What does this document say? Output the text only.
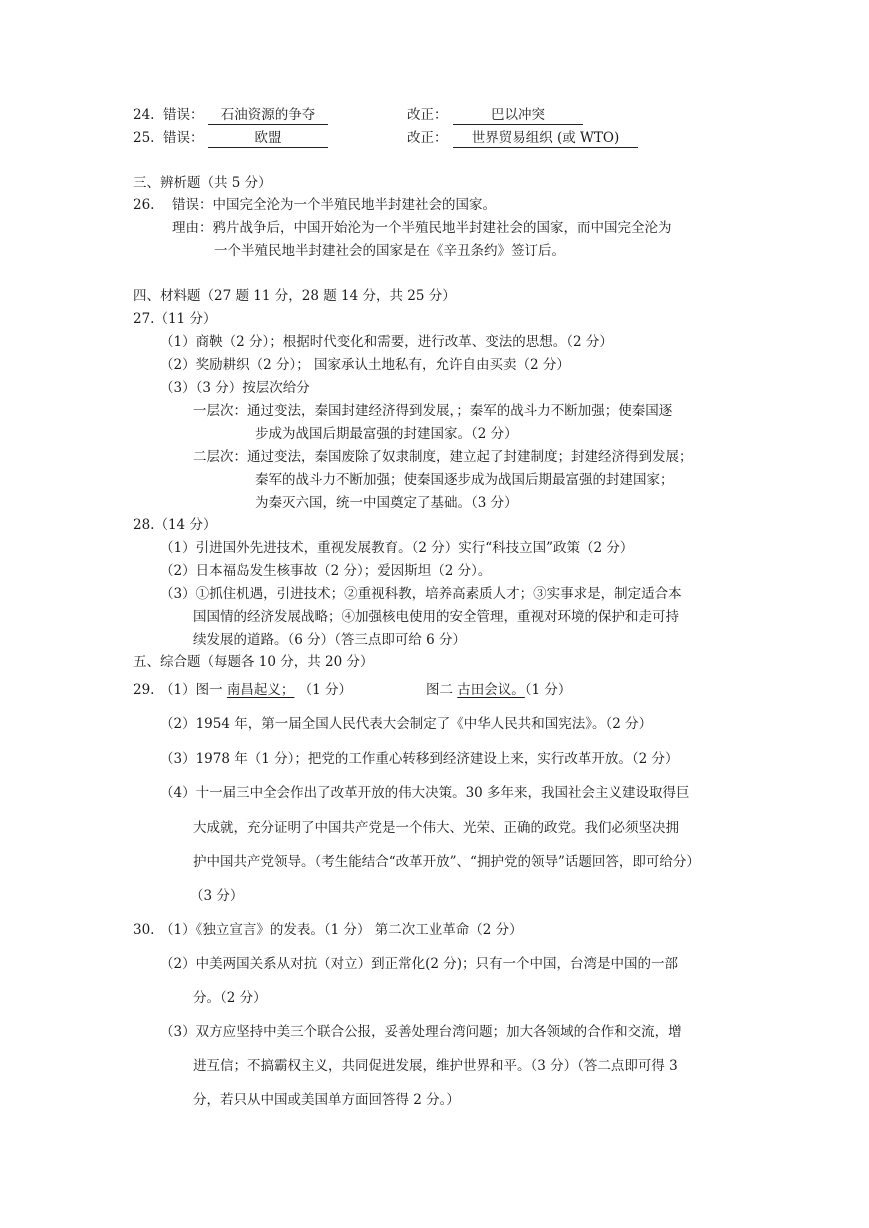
24. 错误：	石油资源的争夺	改正：	巴以冲突
25. 错误：	欧盟	改正：	世界贸易组织 (或 WTO)
三、辨析题（共 5 分）
26. 错误：中国完全沦为一个半殖民地半封建社会的国家。
理由：鸦片战争后，中国开始沦为一个半殖民地半封建社会的国家，而中国完全沦为
一个半殖民地半封建社会的国家是在《辛丑条约》签订后。
四、材料题（27 题 11 分，28 题 14 分，共 25 分）
27.（11 分）
（1）商鞅（2 分）；根据时代变化和需要，进行改革、变法的思想。（2 分）
（2）奖励耕织（2 分）； 国家承认土地私有，允许自由买卖（2 分）
（3）（3 分）按层次给分
一层次：通过变法，秦国封建经济得到发展，；秦军的战斗力不断加强；使秦国逐
步成为战国后期最富强的封建国家。（2 分）
二层次：通过变法，秦国废除了奴隶制度，建立起了封建制度；封建经济得到发展；
秦军的战斗力不断加强；使秦国逐步成为战国后期最富强的封建国家；
为秦灭六国，统一中国奠定了基础。（3 分）
28.（14 分）
（1）引进国外先进技术，重视发展教育。（2 分）实行“科技立国”政策（2 分）
（2）日本福岛发生核事故（2 分）；爱因斯坦（2 分）。
（3）①抓住机遇，引进技术；②重视科教，培养高素质人才；③实事求是，制定适合本
国国情的经济发展战略；④加强核电使用的安全管理，重视对环境的保护和走可持
续发展的道路。（6 分）（答三点即可给 6 分）
五、综合题（每题各 10 分，共 20 分）
29. （1）图一 南昌起义； （1 分）	图二 古田会议。（1 分）
（2）1954 年，第一届全国人民代表大会制定了《中华人民共和国宪法》。（2 分）
（3）1978 年（1 分）；把党的工作重心转移到经济建设上来，实行改革开放。（2 分）
（4）十一届三中全会作出了改革开放的伟大决策。30 多年来，我国社会主义建设取得巨
大成就，充分证明了中国共产党是一个伟大、光荣、正确的政党。我们必须坚决拥
护中国共产党领导。（考生能结合“改革开放”、“拥护党的领导”话题回答，即可给分）
（3 分）
30. （1）《独立宣言》的发表。（1 分） 第二次工业革命（2 分）
（2）中美两国关系从对抗（对立）到正常化(2 分)；只有一个中国，台湾是中国的一部
分。（2 分）
（3）双方应坚持中美三个联合公报，妥善处理台湾问题；加大各领域的合作和交流，增
进互信；不搞霸权主义，共同促进发展，维护世界和平。（3 分）（答二点即可得 3
分，若只从中国或美国单方面回答得 2 分。）
